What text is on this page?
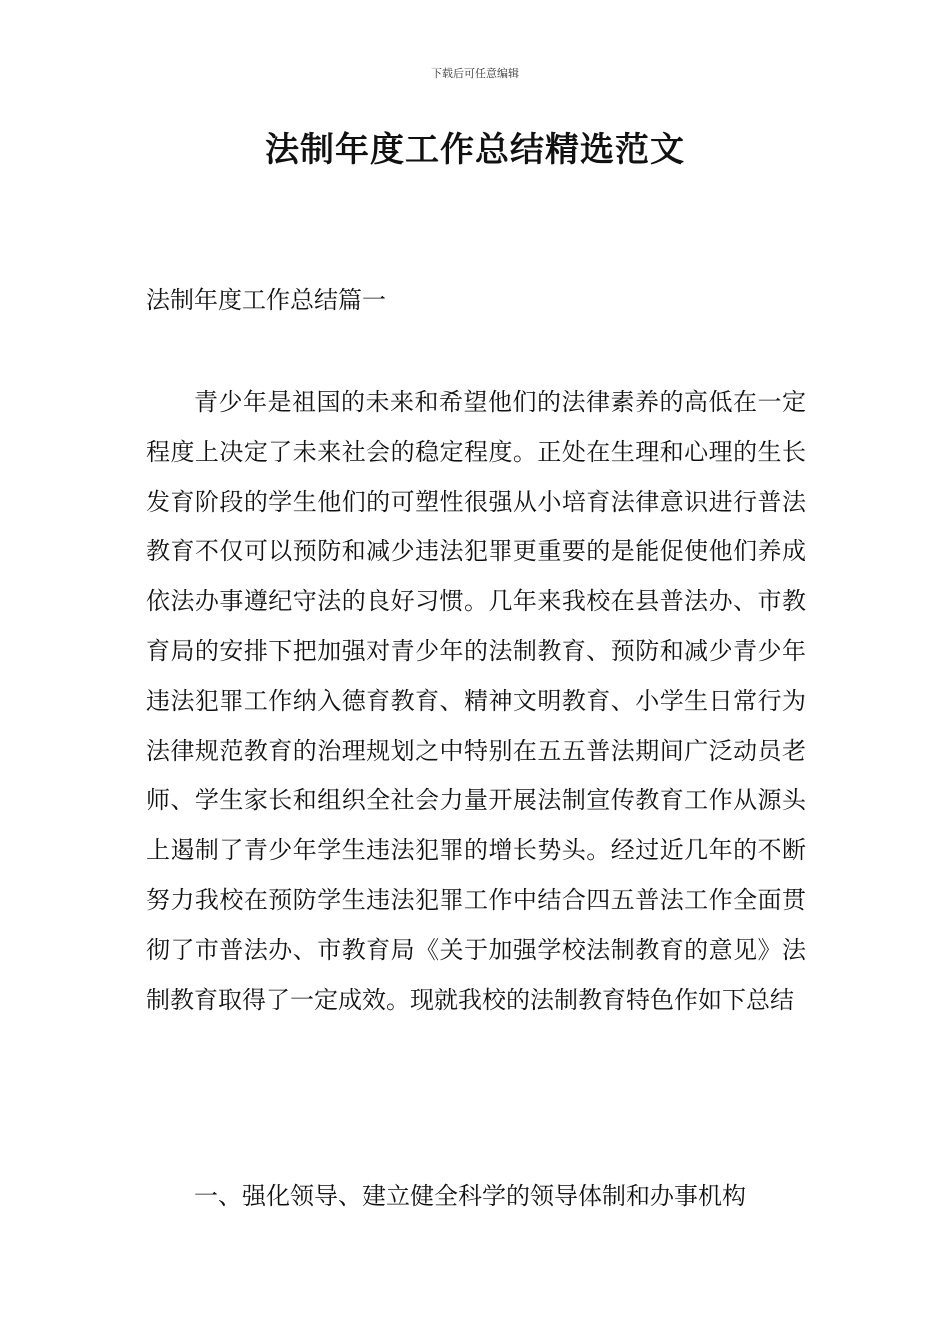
下载后可任意编辑
法制年度工作总结精选范文
法制年度工作总结篇一

青少年是祖国的未来和希望他们的法律素养的高低在一定程度上决定了未来社会的稳定程度。正处在生理和心理的生长发育阶段的学生他们的可塑性很强从小培育法律意识进行普法教育不仅可以预防和减少违法犯罪更重要的是能促使他们养成依法办事遵纪守法的良好习惯。几年来我校在县普法办、市教育局的安排下把加强对青少年的法制教育、预防和减少青少年违法犯罪工作纳入德育教育、精神文明教育、小学生日常行为法律规范教育的治理规划之中特别在五五普法期间广泛动员老师、学生家长和组织全社会力量开展法制宣传教育工作从源头上遏制了青少年学生违法犯罪的增长势头。经过近几年的不断努力我校在预防学生违法犯罪工作中结合四五普法工作全面贯彻了市普法办、市教育局《关于加强学校法制教育的意见》法制教育取得了一定成效。现就我校的法制教育特色作如下总结

一、强化领导、建立健全科学的领导体制和办事机构
